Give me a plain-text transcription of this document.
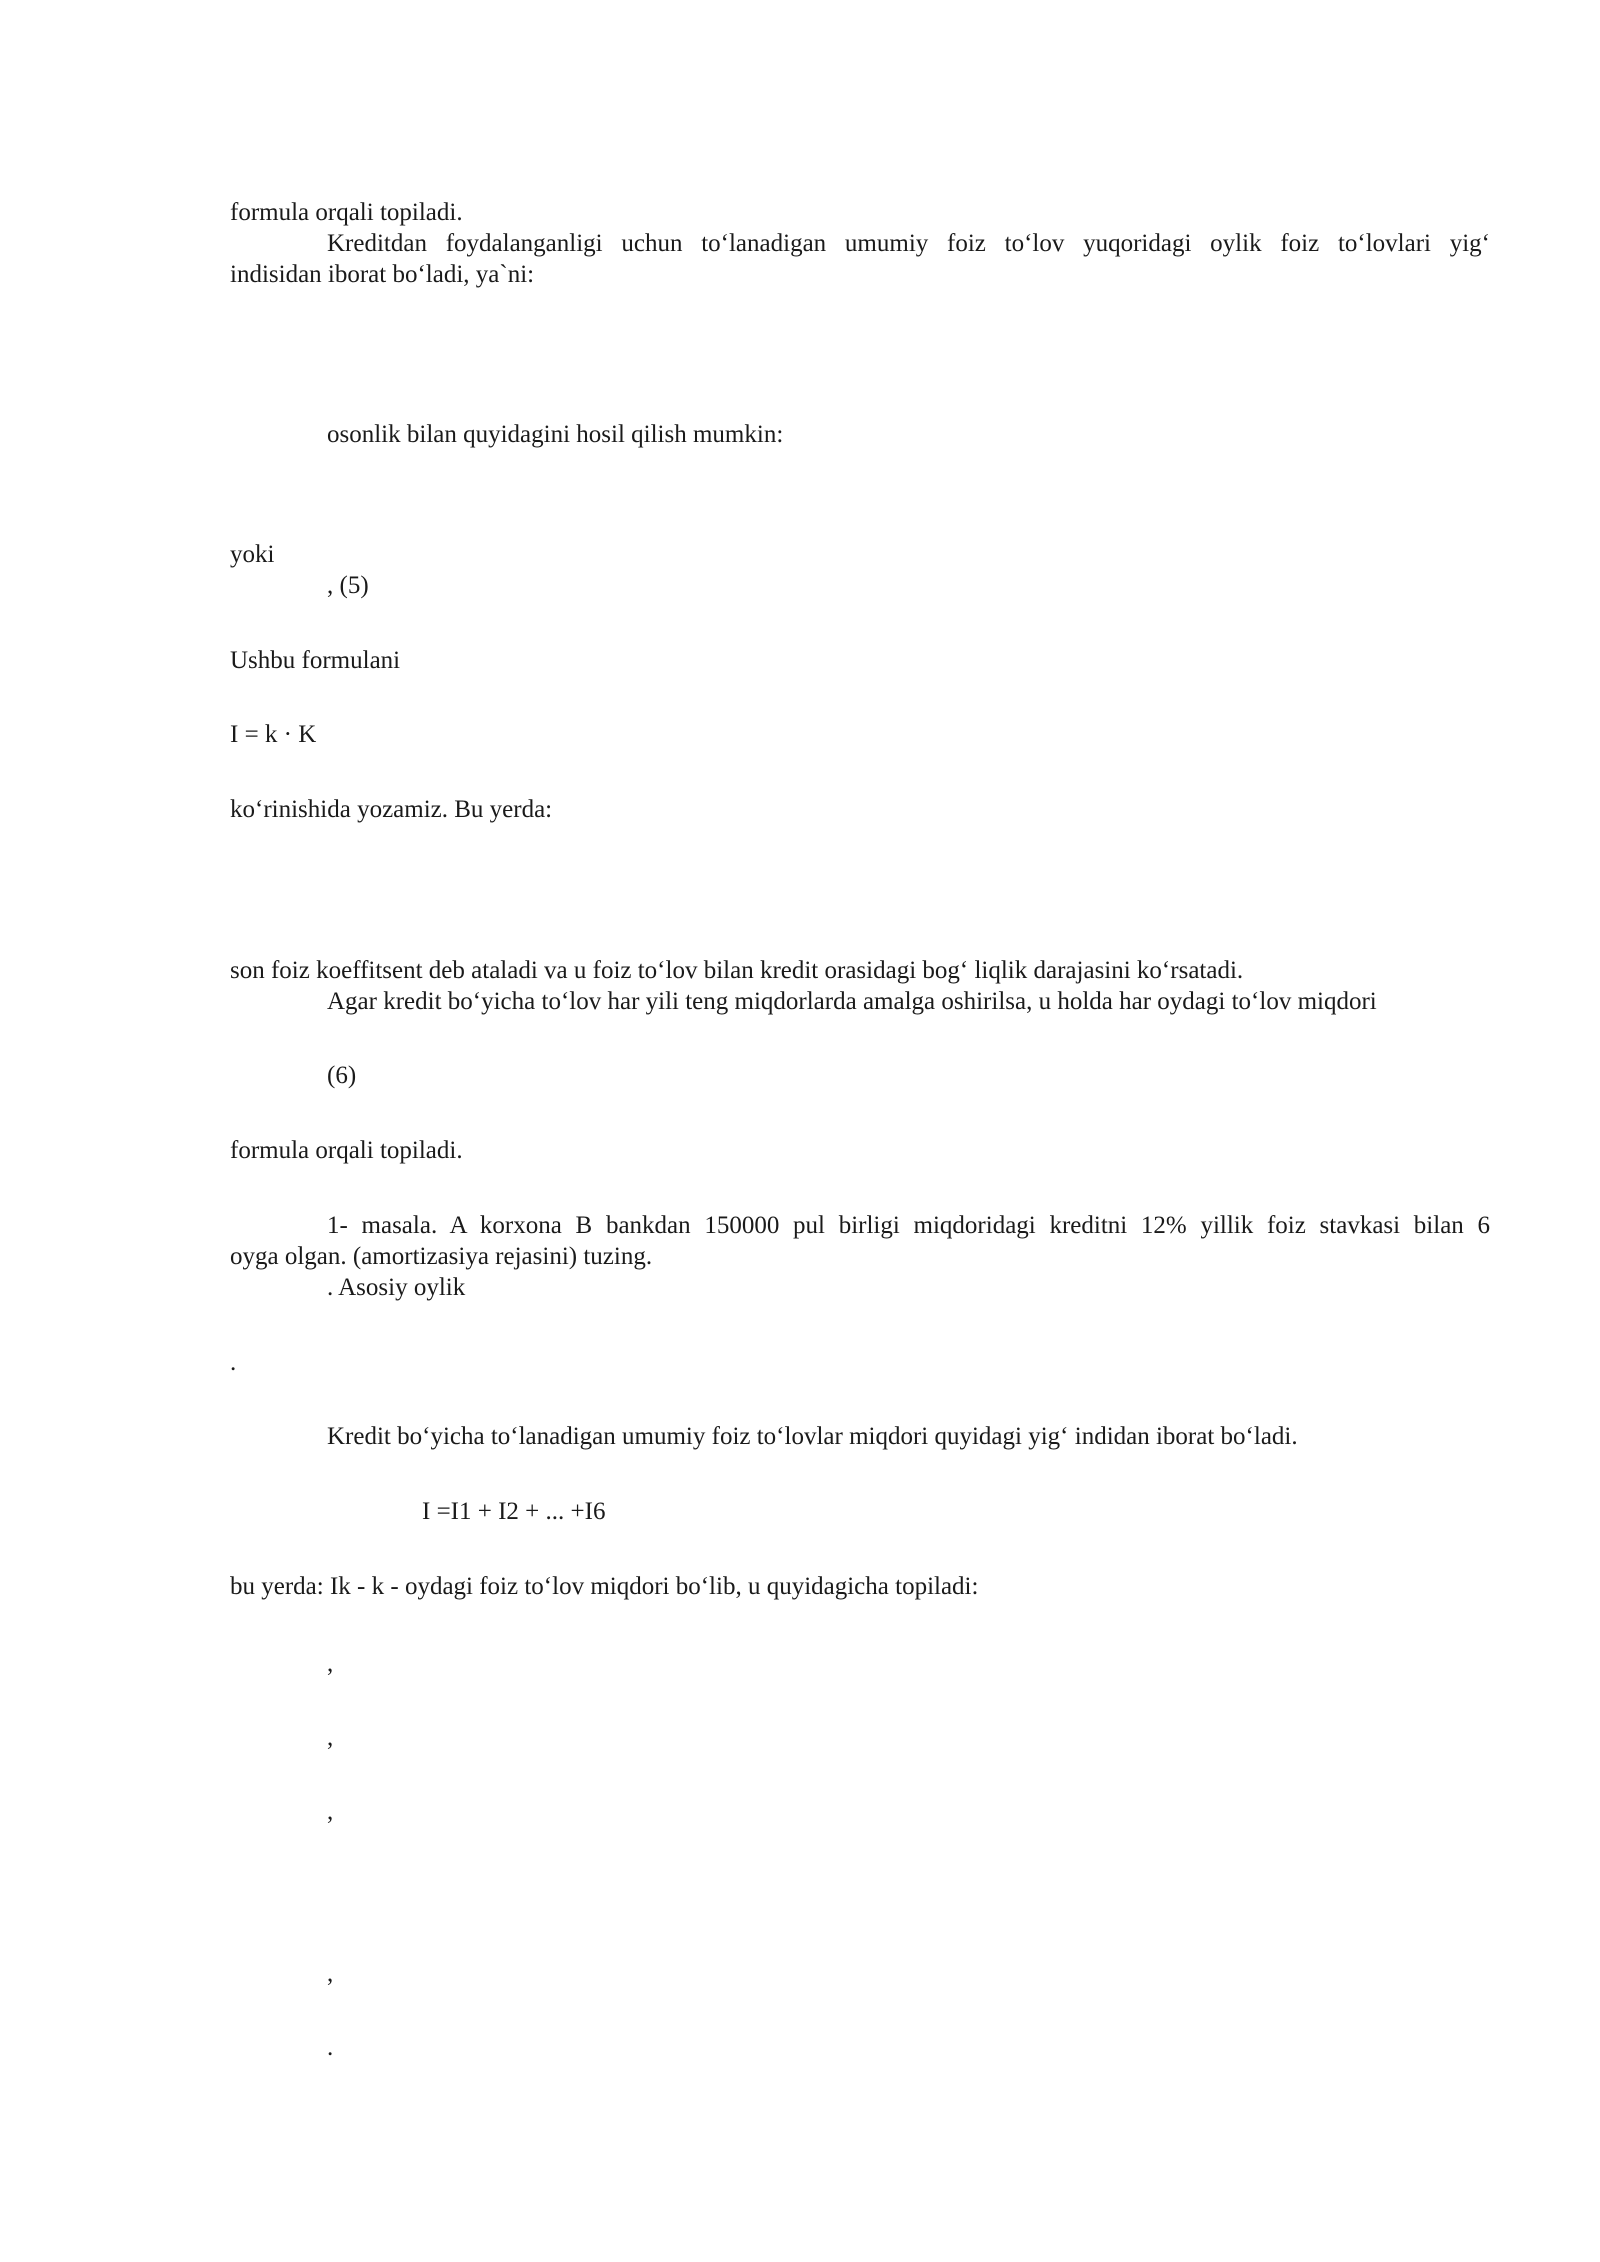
formula orqali topiladi.

Kreditdan foydalanganligi uchun to‘lanadigan umumiy foiz to‘lov yuqoridagi oylik foiz to‘lovlari yig‘

indisidan iborat bo‘ladi, ya`ni:

osonlik bilan quyidagini hosil qilish mumkin:

yoki

, (5)

Ushbu formulani

I = k · K

ko‘rinishida yozamiz. Bu yerda:

son foiz koeffitsent deb ataladi va u foiz to‘lov bilan kredit orasidagi bog‘ liqlik darajasini ko‘rsatadi.

Agar kredit bo‘yicha to‘lov har yili teng miqdorlarda amalga oshirilsa, u holda har oydagi to‘lov miqdori

(6)

formula orqali topiladi.

1- masala. A korxona B bankdan 150000 pul birligi miqdoridagi kreditni 12% yillik foiz stavkasi bilan 6

oyga olgan. (amortizasiya rejasini) tuzing.

. Asosiy oylik

.

Kredit bo‘yicha to‘lanadigan umumiy foiz to‘lovlar miqdori quyidagi yig‘ indidan iborat bo‘ladi.

I =I1 + I2 + ... +I6

bu yerda: Ik - k - oydagi foiz to‘lov miqdori bo‘lib, u quyidagicha topiladi:

,

,

,

,

.
